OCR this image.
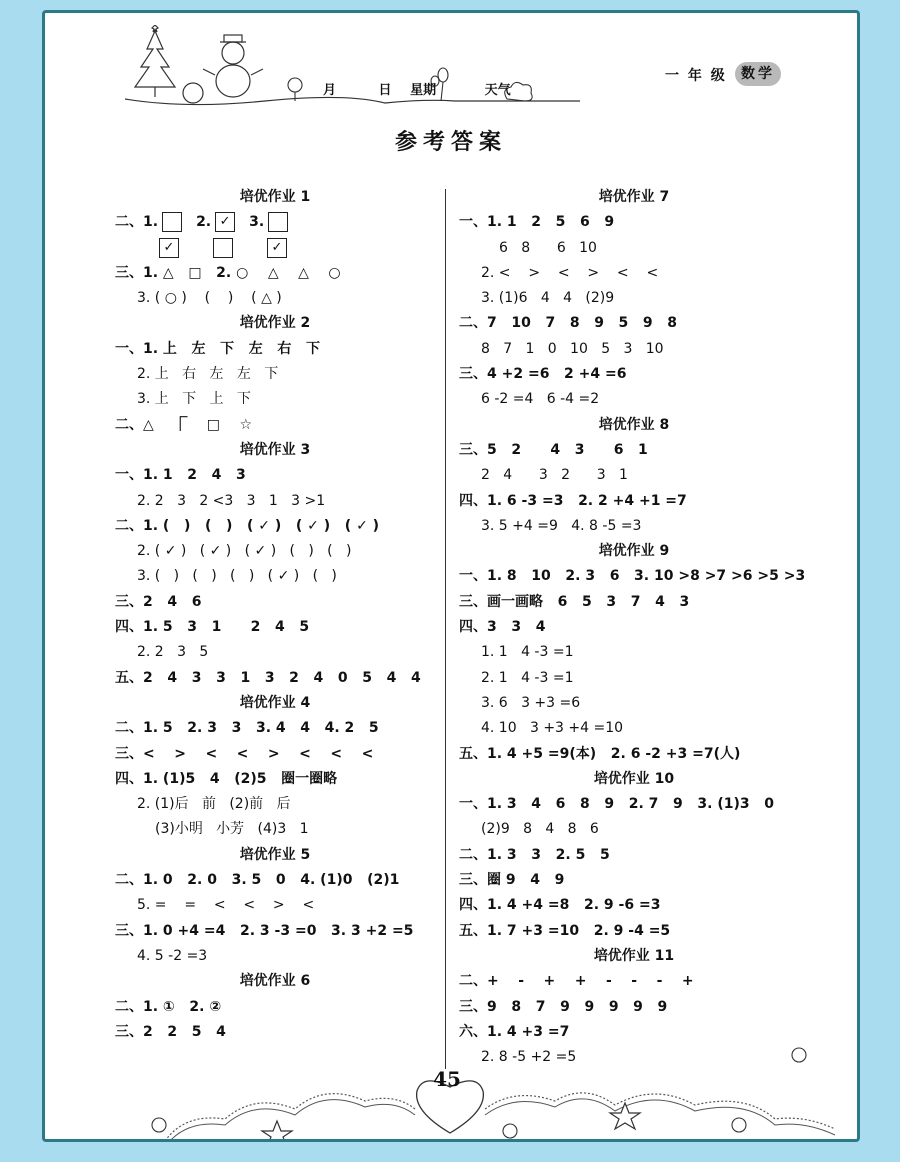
月	日 星期	天气
一 年 级	数学
参考答案
培优作业 1
二、1.	2. ✓ 3.
✓	✓
三、1. △   □   2. ○    △    △    ○
3. ( ○ )    (    )    ( △ )
培优作业 2
一、1. 上   左   下   左   右   下
2. 上   右   左   左   下
3. 上   下   上   下
二、△    ⎾    □    ☆
培优作业 3
一、1. 1   2   4   3
2. 2   3   2 <3   3   1   3 >1
二、1. (   )   (   )   ( ✓ )   ( ✓ )   ( ✓ )
2. ( ✓ )   ( ✓ )   ( ✓ )   (   )   (   )
3. (   )   (   )   (   )   ( ✓ )   (   )
三、2   4   6
四、1. 5   3   1      2   4   5
2. 2   3   5
五、2   4   3   3   1   3   2   4   0   5   4   4
培优作业 4
二、1. 5   2. 3   3   3. 4   4   4. 2   5
三、<    >    <    <    >    <    <    <
四、1. (1)5   4   (2)5   圈一圈略
2. (1)后   前   (2)前   后
(3)小明   小芳   (4)3   1
培优作业 5
二、1. 0   2. 0   3. 5   0   4. (1)0   (2)1
5. =    =    <    <    >    <
三、1. 0 +4 =4   2. 3 -3 =0   3. 3 +2 =5
4. 5 -2 =3
培优作业 6
二、1. ①   2. ②
三、2   2   5   4
培优作业 7
一、1. 1   2   5   6   9
6   8      6   10
2. <    >    <    >    <    <
3. (1)6   4   4   (2)9
二、7   10   7   8   9   5   9   8
8   7   1   0   10   5   3   10
三、4 +2 =6   2 +4 =6
6 -2 =4   6 -4 =2
培优作业 8
三、5   2      4   3      6   1
2   4      3   2      3   1
四、1. 6 -3 =3   2. 2 +4 +1 =7
3. 5 +4 =9   4. 8 -5 =3
培优作业 9
一、1. 8   10   2. 3   6   3. 10 >8 >7 >6 >5 >3
三、画一画略   6   5   3   7   4   3
四、3   3   4
1. 1   4 -3 =1
2. 1   4 -3 =1
3. 6   3 +3 =6
4. 10   3 +3 +4 =10
五、1. 4 +5 =9(本)   2. 6 -2 +3 =7(人)
培优作业 10
一、1. 3   4   6   8   9   2. 7   9   3. (1)3   0
(2)9   8   4   8   6
二、1. 3   3   2. 5   5
三、圈 9   4   9
四、1. 4 +4 =8   2. 9 -6 =3
五、1. 7 +3 =10   2. 9 -4 =5
培优作业 11
二、+    -    +    +    -    -    -    +
三、9   8   7   9   9   9   9   9
六、1. 4 +3 =7
2. 8 -5 +2 =5
45
